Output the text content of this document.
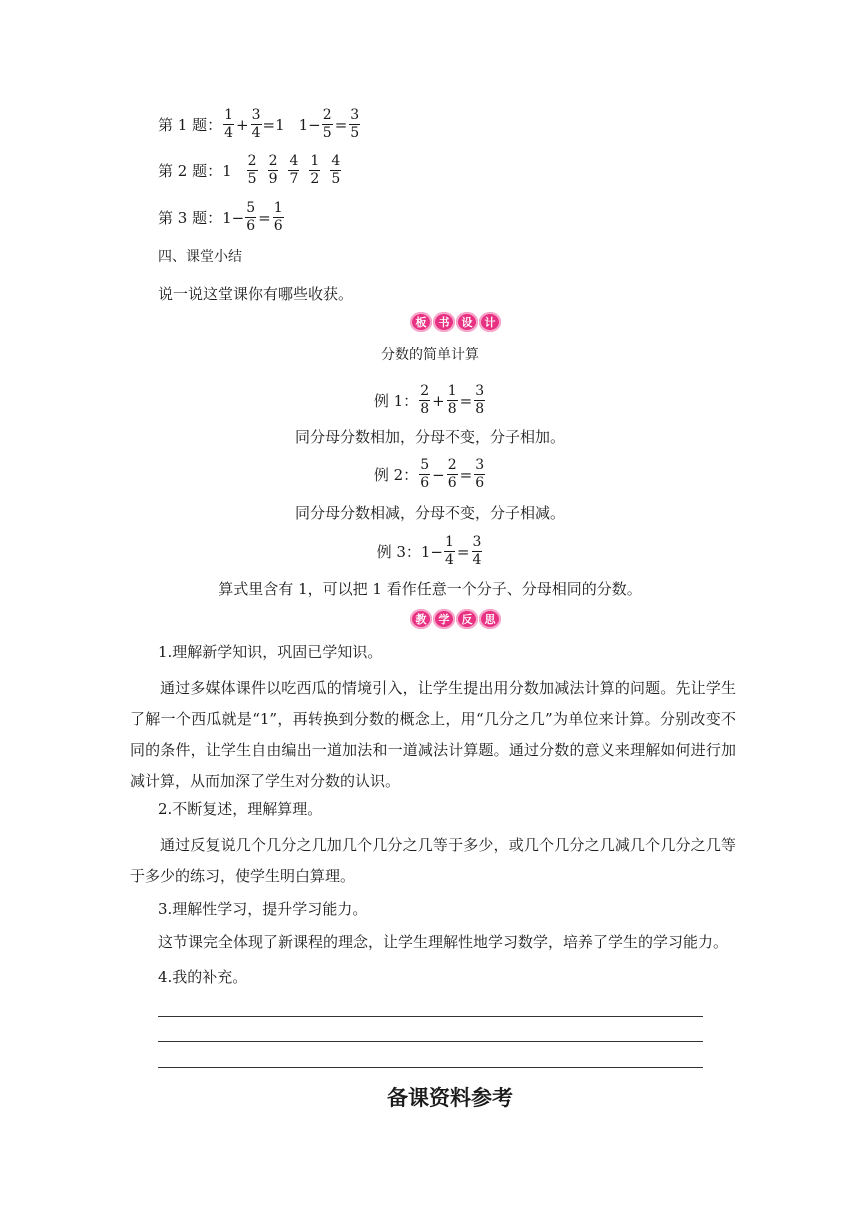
第 1 题： $\frac{1}{4} + \frac{3}{4} =1$ $1- \frac{2}{5} = \frac{3}{5}$
第 2 题： $1 \frac{2}{5} \frac{2}{9} \frac{4}{7} \frac{1}{2} \frac{4}{5}$
第 3 题： $1- \frac{5}{6} = \frac{1}{6}$
四、课堂小结
说一说这堂课你有哪些收获。
板	书	设	计
分数的简单计算
例 1： $\frac{2}{8} + \frac{1}{8} = \frac{3}{8}$
同分母分数相加，分母不变，分子相加。
例 2： $\frac{5}{6} - \frac{2}{6} = \frac{3}{6}$
同分母分数相减，分母不变，分子相减。
例 3： $1- \frac{1}{4} = \frac{3}{4}$
算式里含有 1，可以把 1 看作任意一个分子、分母相同的分数。
教	学	反	思
1.理解新学知识，巩固已学知识。
通过多媒体课件以吃西瓜的情境引入，让学生提出用分数加减法计算的问题。先让学生了解一个西瓜就是“1”，再转换到分数的概念上，用“几分之几”为单位来计算。分别改变不同的条件，让学生自由编出一道加法和一道减法计算题。通过分数的意义来理解如何进行加减计算，从而加深了学生对分数的认识。
2.不断复述，理解算理。
通过反复说几个几分之几加几个几分之几等于多少，或几个几分之几减几个几分之几等于多少的练习，使学生明白算理。
3.理解性学习，提升学习能力。
这节课完全体现了新课程的理念，让学生理解性地学习数学，培养了学生的学习能力。
4.我的补充。
备课资料参考
